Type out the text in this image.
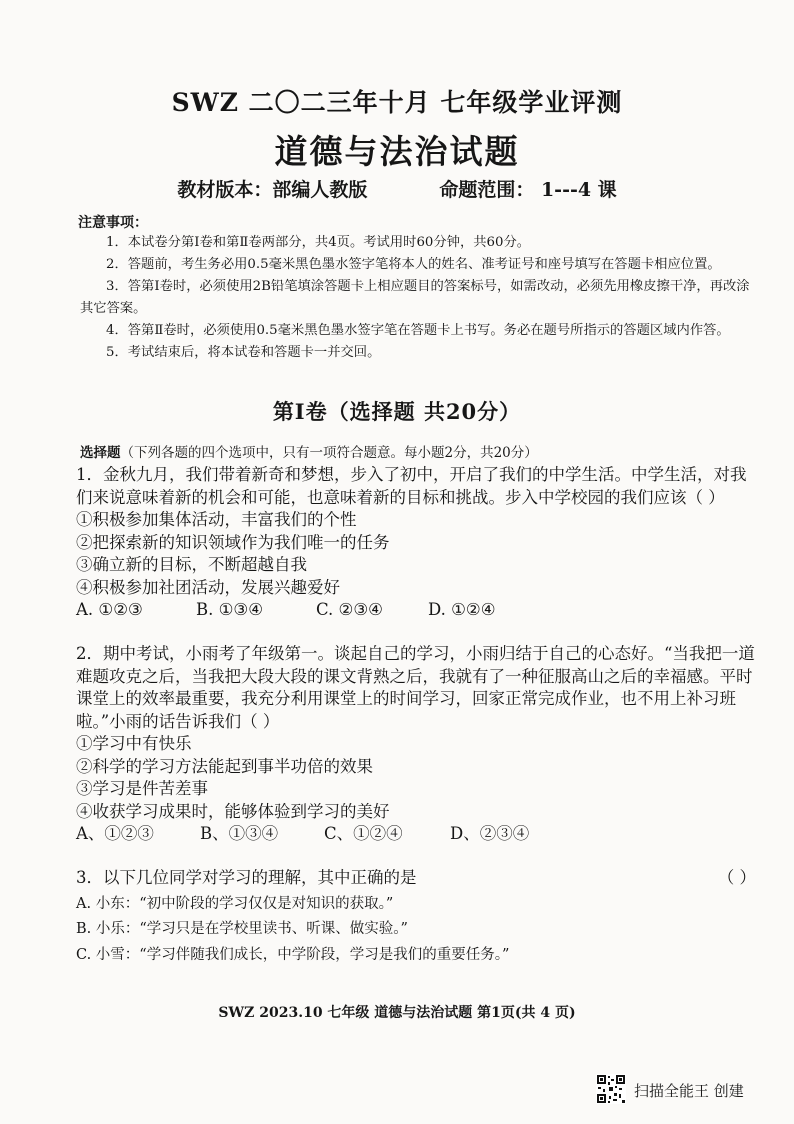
SWZ 二〇二三年十月 七年级学业评测
道德与法治试题
教材版本：部编人教版	命题范围： 1---4 课
注意事项：

1．本试卷分第Ⅰ卷和第Ⅱ卷两部分，共4页。考试用时60分钟，共60分。

2．答题前，考生务必用0.5毫米黑色墨水签字笔将本人的姓名、准考证号和座号填写在答题卡相应位置。

3．答第Ⅰ卷时，必须使用2B铅笔填涂答题卡上相应题目的答案标号，如需改动，必须先用橡皮擦干净，再改涂其它答案。

4．答第Ⅱ卷时，必须使用0.5毫米黑色墨水签字笔在答题卡上书写。务必在题号所指示的答题区域内作答。

5．考试结束后，将本试卷和答题卡一并交回。

第Ⅰ卷（选择题 共20分）
选择题（下列各题的四个选项中，只有一项符合题意。每小题2分，共20分）

1．金秋九月，我们带着新奇和梦想，步入了初中，开启了我们的中学生活。中学生活，对我们来说意味着新的机会和可能，也意味着新的目标和挑战。步入中学校园的我们应该（ ）

①积极参加集体活动，丰富我们的个性

②把探索新的知识领域作为我们唯一的任务

③确立新的目标，不断超越自我

④积极参加社团活动，发展兴趣爱好

A. ①②③	B. ①③④	C. ②③④	D. ①②④

2．期中考试，小雨考了年级第一。谈起自己的学习，小雨归结于自己的心态好。“当我把一道难题攻克之后，当我把大段大段的课文背熟之后，我就有了一种征服高山之后的幸福感。平时课堂上的效率最重要，我充分利用课堂上的时间学习，回家正常完成作业，也不用上补习班啦。”小雨的话告诉我们（ ）

①学习中有快乐

②科学的学习方法能起到事半功倍的效果

③学习是件苦差事

④收获学习成果时，能够体验到学习的美好

A、①②③	B、①③④	C、①②④	D、②③④

3．以下几位同学对学习的理解，其中正确的是	（ ）

A. 小东：“初中阶段的学习仅仅是对知识的获取。”

B. 小乐：“学习只是在学校里读书、听课、做实验。”

C. 小雪：“学习伴随我们成长，中学阶段，学习是我们的重要任务。”

SWZ 2023.10 七年级 道德与法治试题 第1页(共 4 页)
扫描全能王 创建
